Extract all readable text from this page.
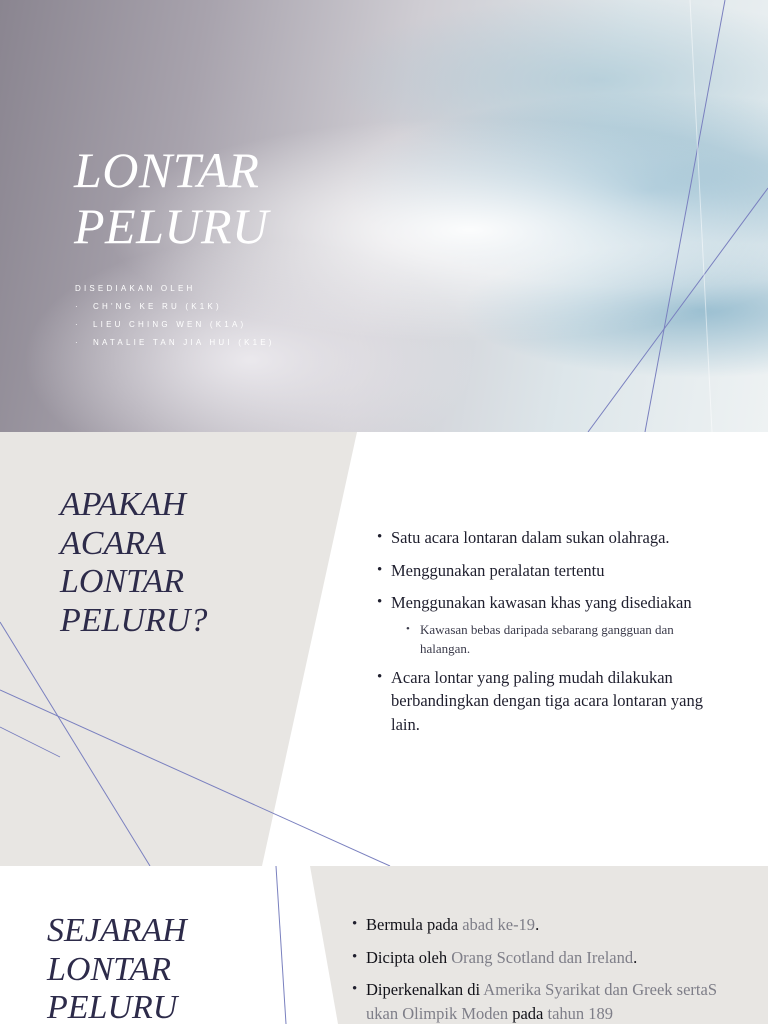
LONTAR
PELURU
DISEDIAKAN OLEH
· CH'NG KE RU (K1K)
· LIEU CHING WEN (K1A)
· NATALIE TAN JIA HUI (K1E)
APAKAH
ACARA
LONTAR
PELURU?
• Satu acara lontaran dalam sukan olahraga.
• Menggunakan peralatan tertentu
• Menggunakan kawasan khas yang disediakan
• Kawasan bebas daripada sebarang gangguan dan halangan.
• Acara lontar yang paling mudah dilakukan berbandingkan dengan tiga acara lontaran yang lain.
SEJARAH
LONTAR
PELURU
• Bermula pada abad ke-19.
• Dicipta oleh Orang Scotland dan Ireland.
• Diperkenalkan di Amerika Syarikat dan Greek sertaSukan Olimpik Moden pada tahun 189
